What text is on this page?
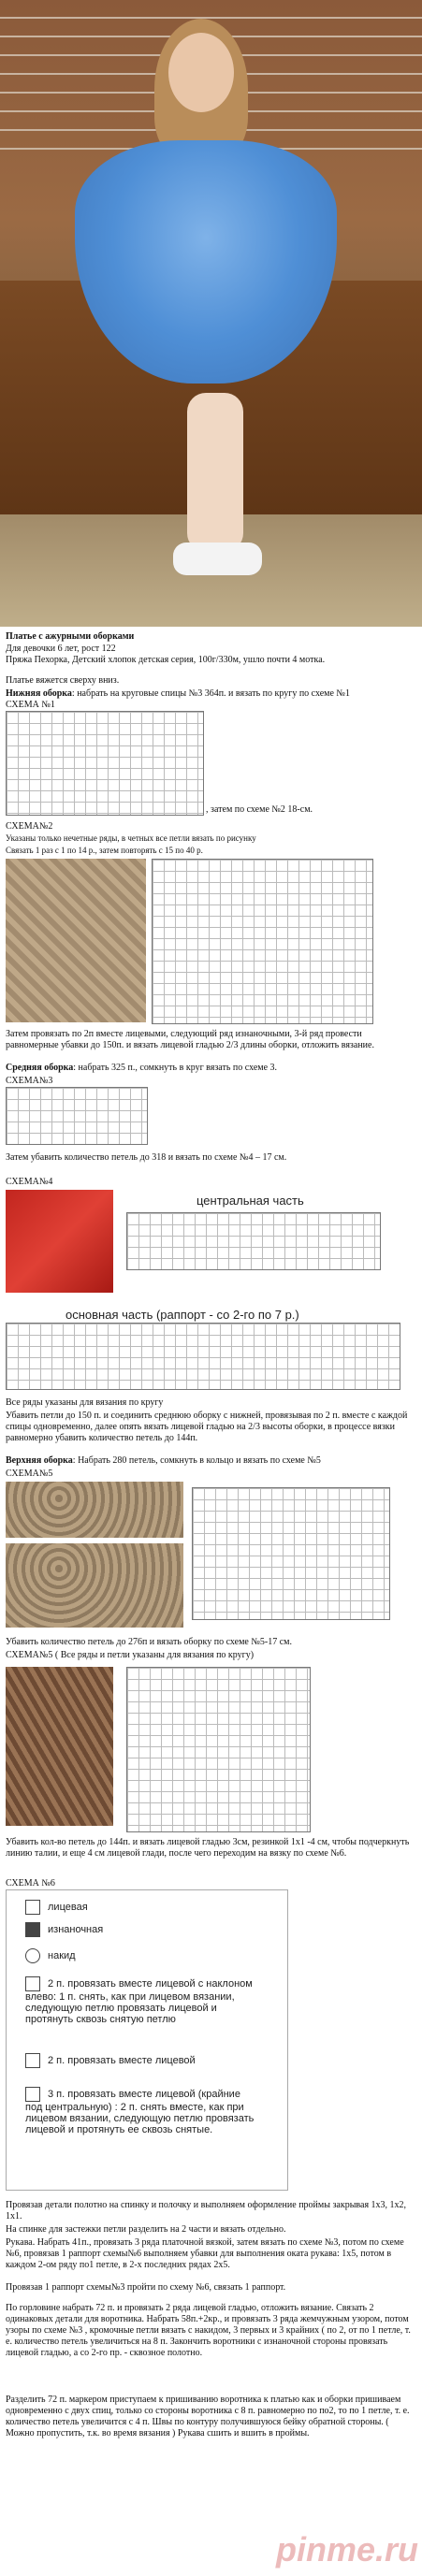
Платье с ажурными оборками
Для девочки 6 лет, рост 122
Пряжа Пехорка, Детский хлопок детская серия, 100г/330м, ушло почти 4 мотка.
Платье вяжется сверху вниз.
Нижняя оборка: набрать на круговые спицы №3 364п. и вязать по кругу по схеме №1
СХЕМА №1
, затем по схеме №2 18-см.
СХЕМА№2
Указаны только нечетные ряды, в четных все петли вязать по рисунку
Связать 1 раз с 1 по 14 р., затем повторять с 15 по 40 р.
Затем провязать по 2п вместе лицевыми, следующий ряд изнаночными, 3-й ряд провести равномерные убавки до 150п. и вязать лицевой гладью 2/3 длины оборки, отложить вязание.
Средняя оборка: набрать 325 п., сомкнуть в круг вязать по схеме 3.
СХЕМА№3
Затем убавить количество петель до 318 и вязать по схеме №4 – 17 см.
СХЕМА№4
центральная часть
основная часть (раппорт - со 2-го по 7 р.)
Все ряды указаны для вязания по кругу
Убавить петли до 150 п. и соединить среднюю оборку с нижней, провязывая по 2 п. вместе с каждой спицы одновременно, далее опять вязать лицевой гладью на 2/3 высоты оборки, в процессе вязки равномерно убавить количество петель до 144п.
Верхняя оборка: Набрать 280 петель, сомкнуть в кольцо и вязать по схеме №5
СХЕМА№5
Убавить количество петель до 276п и вязать оборку по схеме №5-17 см.
СХЕМА№5 ( Все ряды и петли указаны для вязания по кругу)
Убавить кол-во петель до 144п. и вязать лицевой гладью 3см, резинкой 1х1 -4 см, чтобы подчеркнуть линию талии, и еще 4 см лицевой глади, после чего переходим на вязку по схеме №6.
СХЕМА №6
лицевая
изнаночная
накид
2 п. провязать вместе лицевой с наклоном влево: 1 п. снять, как при лицевом вязании, следующую петлю провязать лицевой и протянуть сквозь снятую петлю
2 п. провязать вместе лицевой
3 п. провязать вместе лицевой (крайние под центральную) : 2 п. снять вместе, как при лицевом вязании, следующую петлю провязать лицевой и протянуть ее сквозь снятые.
Провязав детали полотно на спинку и полочку и выполняем оформление проймы закрывая 1х3, 1х2, 1х1.
На спинке для застежки петли разделить на 2 части и вязать отдельно.
Рукава. Набрать 41п., провязать 3 ряда платочной вязкой, затем вязать по схеме №3, потом по схеме №6, провязав 1 раппорт схемы№6 выполняем убавки для выполнения оката рукава: 1х5, потом в каждом 2-ом ряду по1 петле, в 2-х последних рядах 2х5.
Провязав 1 раппорт схемы№3 пройти по схему №6, связать 1 раппорт.
По горловине набрать 72 п. и провязать 2 ряда лицевой гладью, отложить вязание. Связать 2 одинаковых детали для воротника. Набрать 58п.+2кр., и провязать 3 ряда жемчужным узором, потом узоры по схеме №3 , кромочные петли вязать с накидом, 3 первых и 3 крайних ( по 2, от по 1 петле, т. е. количество петель увеличиться на 8 п. Закончить воротники с изнаночной стороны провязать лицевой гладью, а со 2-го пр. - сквозное полотно.
Разделить 72 п. маркером приступаем к пришиванию воротника к платью как и оборки пришиваем одновременно с двух спиц, только со стороны воротника с 8 п. равномерно по по2, то по 1 петле, т. е. количество петель увеличится с 4 п. Швы по контуру получившуюся бейку обратной стороны. ( Можно пропустить, т.к. во время вязания ) Рукава сшить и вшить в проймы.
pinme.ru
